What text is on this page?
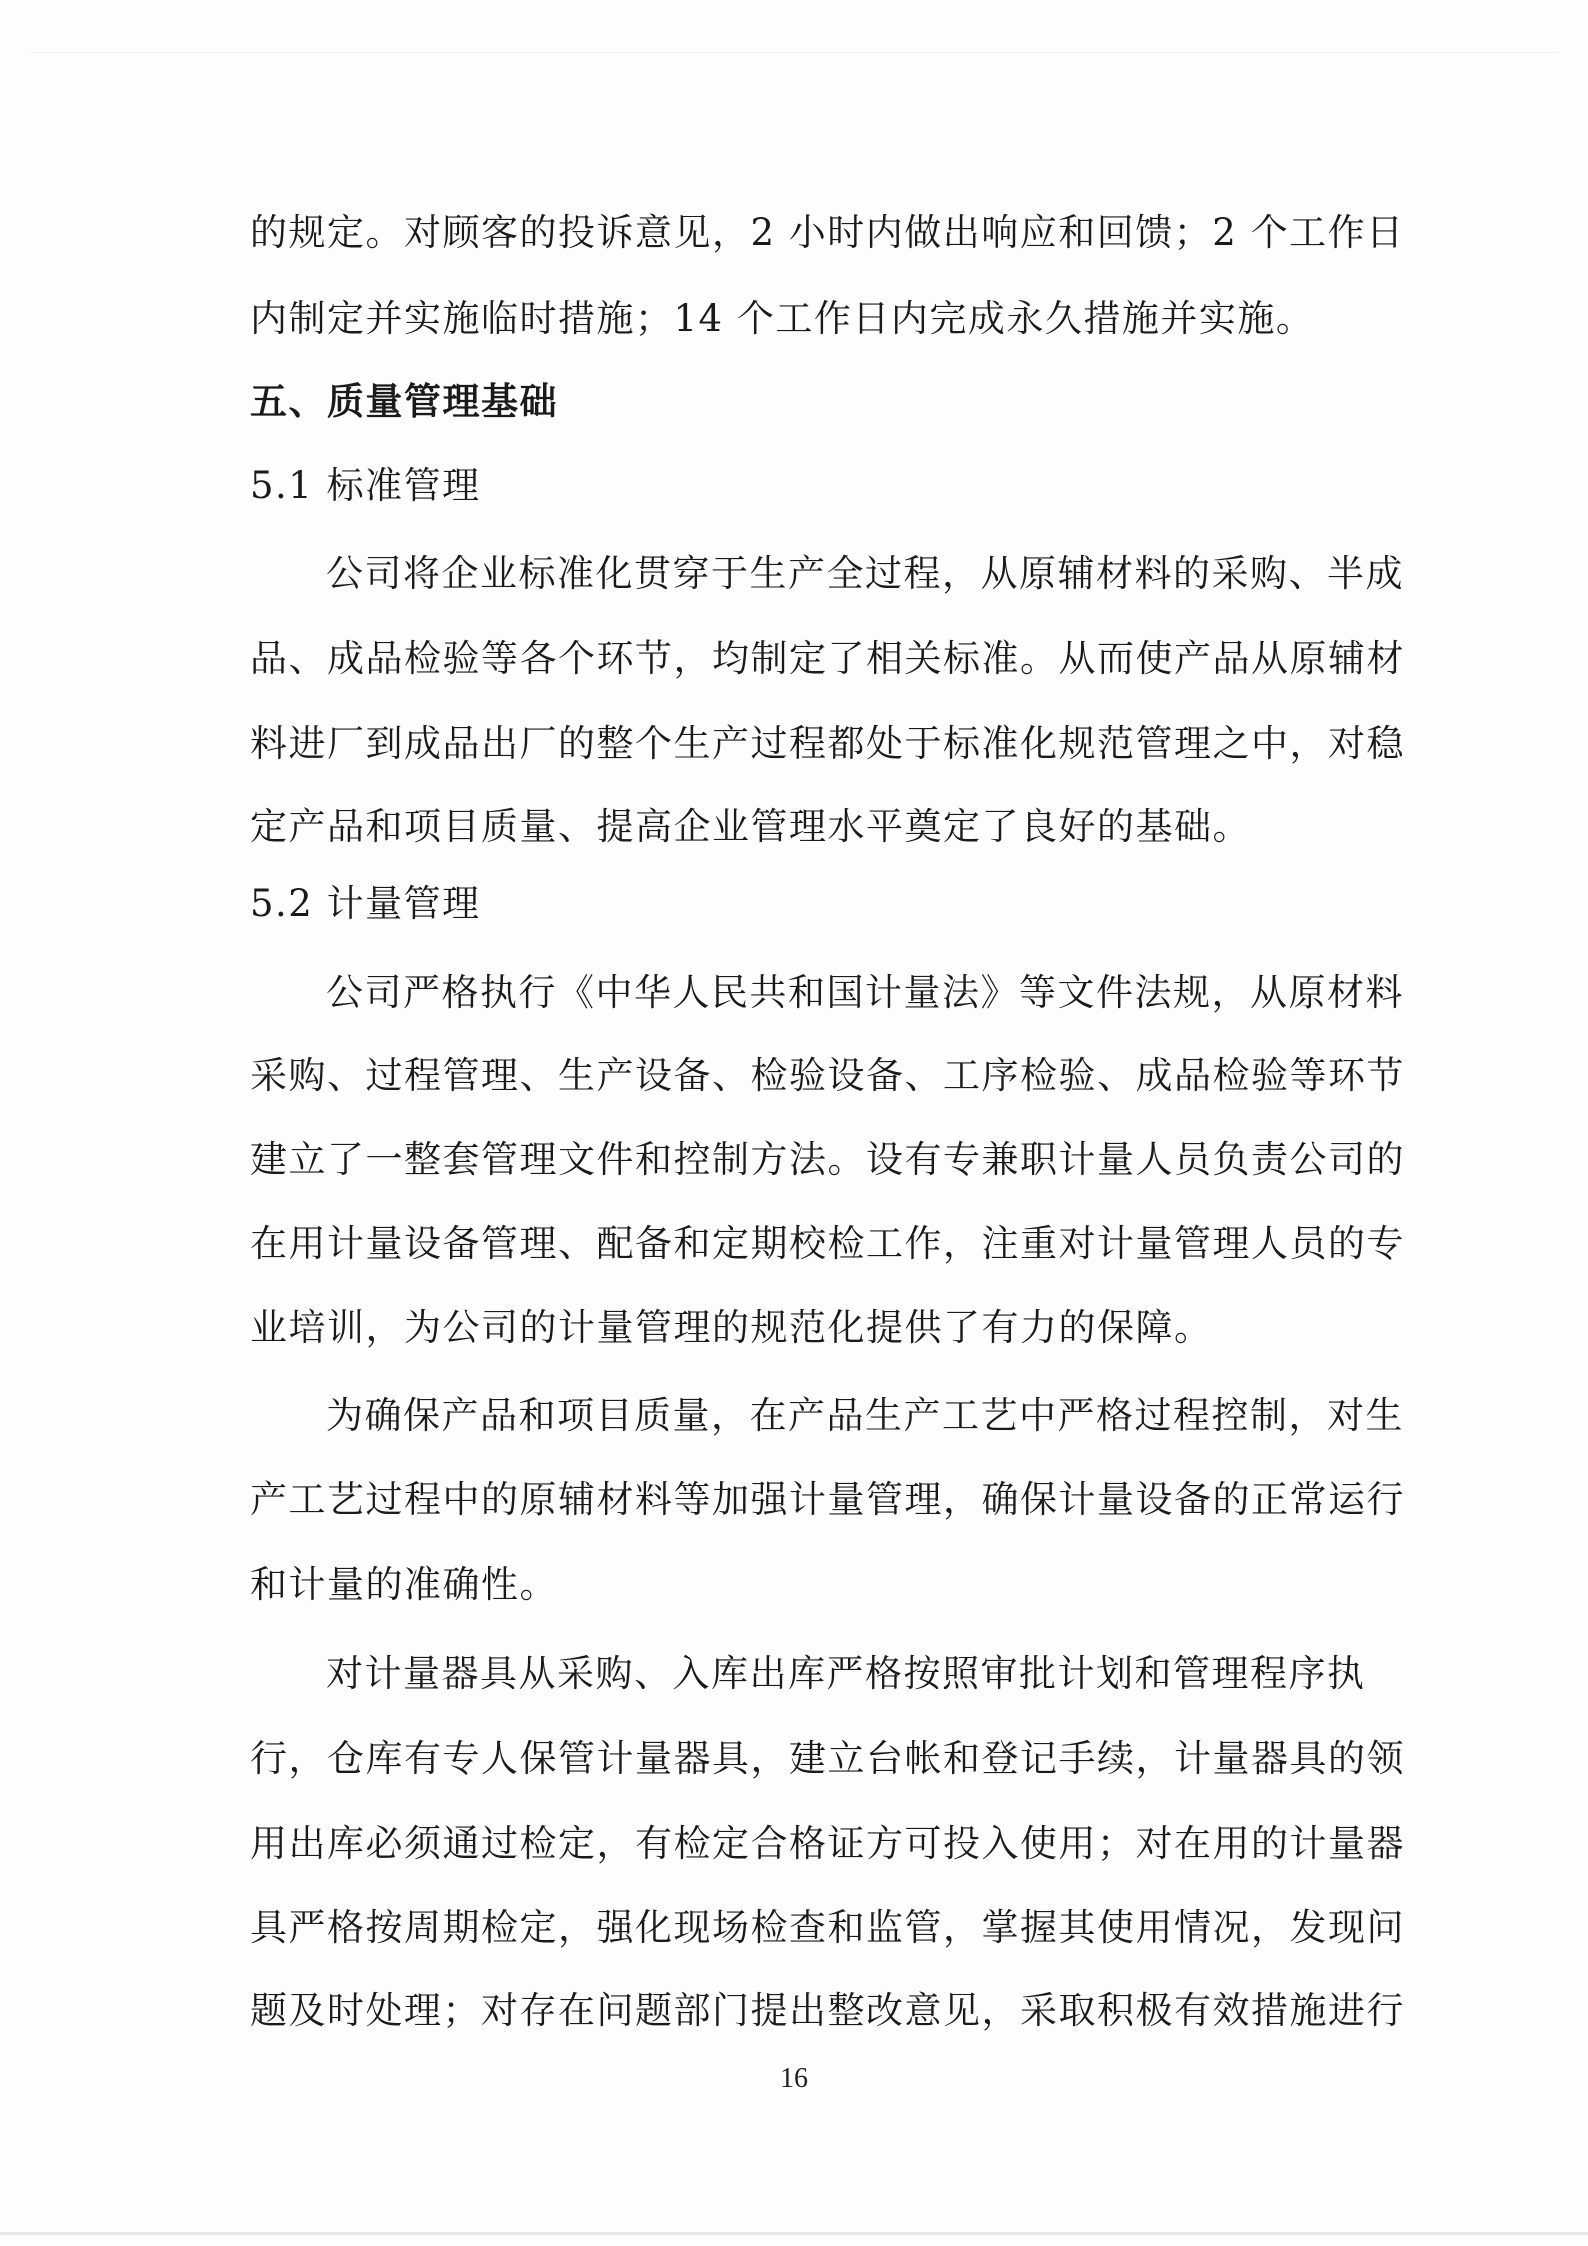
的规定。对顾客的投诉意见，2 小时内做出响应和回馈；2 个工作日
内制定并实施临时措施；14 个工作日内完成永久措施并实施。
五、质量管理基础
5.1 标准管理
公司将企业标准化贯穿于生产全过程，从原辅材料的采购、半成
品、成品检验等各个环节，均制定了相关标准。从而使产品从原辅材
料进厂到成品出厂的整个生产过程都处于标准化规范管理之中，对稳
定产品和项目质量、提高企业管理水平奠定了良好的基础。
5.2 计量管理
公司严格执行《中华人民共和国计量法》等文件法规，从原材料
采购、过程管理、生产设备、检验设备、工序检验、成品检验等环节
建立了一整套管理文件和控制方法。设有专兼职计量人员负责公司的
在用计量设备管理、配备和定期校检工作，注重对计量管理人员的专
业培训，为公司的计量管理的规范化提供了有力的保障。
为确保产品和项目质量，在产品生产工艺中严格过程控制，对生
产工艺过程中的原辅材料等加强计量管理，确保计量设备的正常运行
和计量的准确性。
对计量器具从采购、入库出库严格按照审批计划和管理程序执
行，仓库有专人保管计量器具，建立台帐和登记手续，计量器具的领
用出库必须通过检定，有检定合格证方可投入使用；对在用的计量器
具严格按周期检定，强化现场检查和监管，掌握其使用情况，发现问
题及时处理；对存在问题部门提出整改意见，采取积极有效措施进行
16
